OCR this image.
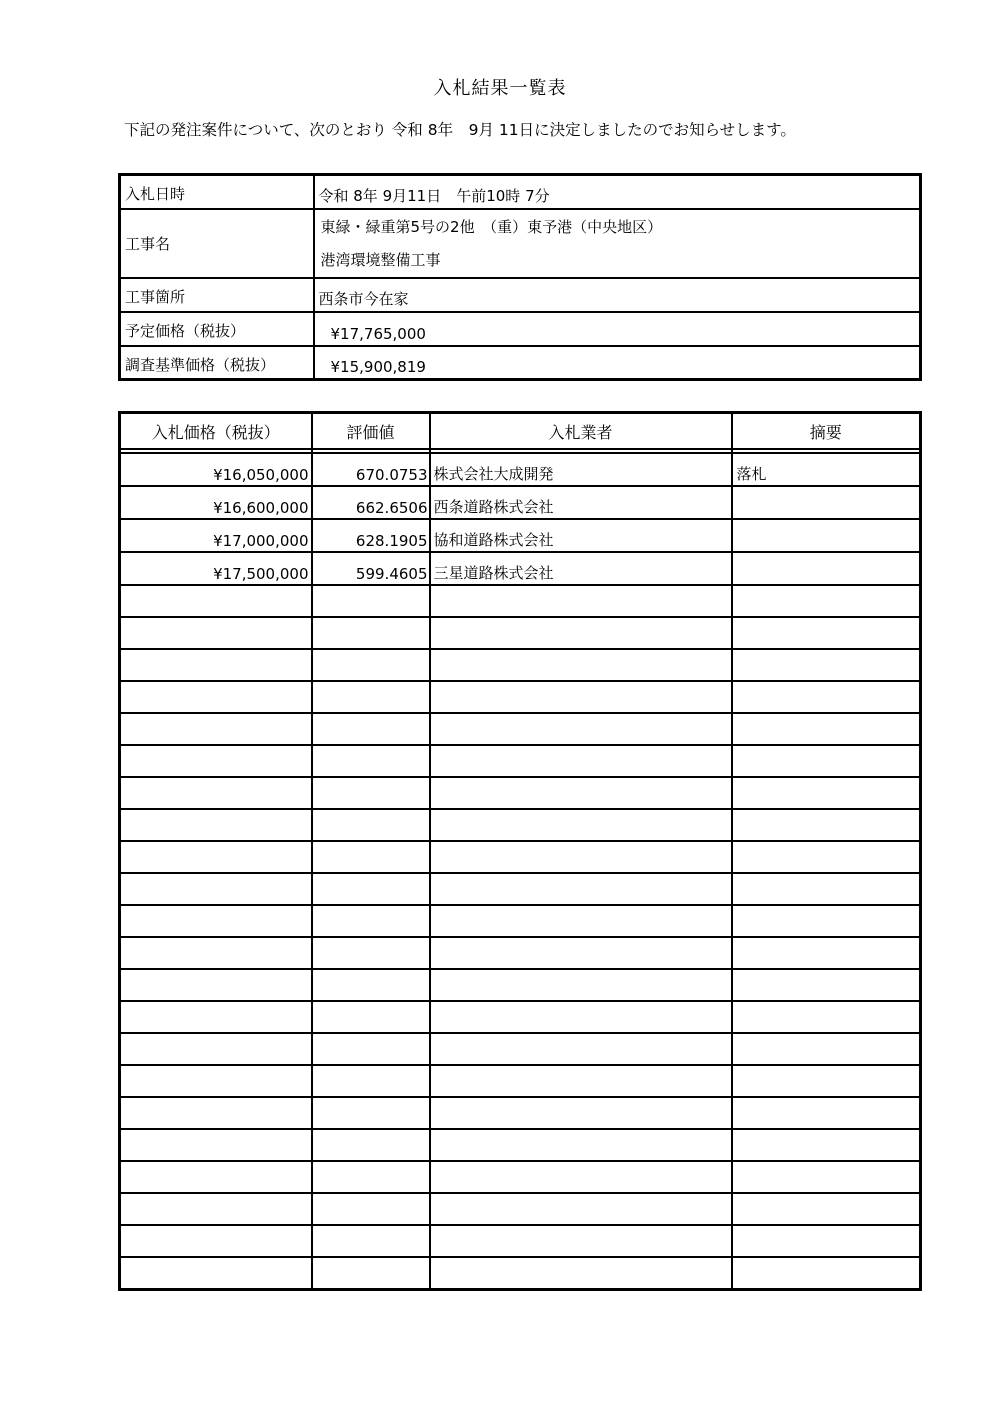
入札結果一覧表
下記の発注案件について、次のとおり 令和 8年　9月 11日に決定しましたのでお知らせします。
入札日時	令和 8年 9月11日　午前10時 7分
工事名	東緑・緑重第5号の2他　（重）東予港（中央地区）
港湾環境整備工事

工事箇所	西条市今在家
予定価格（税抜）	¥17,765,000
調査基準価格（税抜）	¥15,900,819
入札価格（税抜）	評価値	入札業者	摘要

¥16,050,000	670.0753	株式会社大成開発	落札
¥16,600,000	662.6506	西条道路株式会社	
¥17,000,000	628.1905	協和道路株式会社	
¥17,500,000	599.4605	三星道路株式会社	
